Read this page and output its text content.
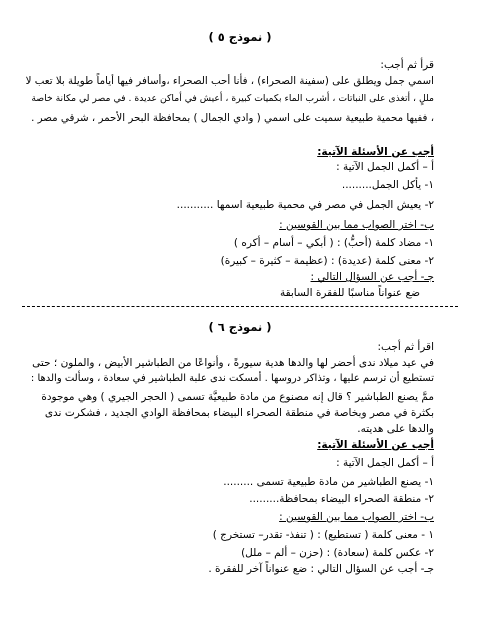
( نموذج ٥ )
قرأ ثم أجب:
اسمي جمل ويطلق على (سفينة الصحراء) ، فأنا أحب الصحراء ،وأسافر فيها أياماً طويلة بلا تعب لا
مللٍ ، أتغذى على النباتات ، أشرب الماء بكميات كبيرة ، أعيش في أماكن عديدة . في مصر لي مكانة خاصة
، ففيها محمية طبيعية سميت على اسمي ( وادي الجمال ) بمحافظة البحر الأحمر ، شرقي مصر .
أجب عن الأسئلة الآتية:
أ – أكمل الجمل الآتية :
١- يأكل الجمل.........
٢- يعيش الجمل في مصر في محمية طبيعية اسمها ...........
ب- اختر الصواب مما بين القوسين :
١- مضاد كلمة (أحبُّ) : ( أبكي – أسام – أكره )
٢- معنى كلمة (عديدة) : (عظيمة – كثيرة – كبيرة)
جـ- أجب عن السؤال التالي :
ضع عنواناً مناسبًا للفقرة السابقة
( نموذج ٦ )
اقرأ ثم أجب:
في عيد ميلاد ندى أحضر لها والدها هدية سيورةً ، وأنواعًا من الطباشير الأبيض ، والملون ؛ حتى
تستطيع أن ترسم عليها ، وتذاكر دروسها . أمسكت ندى علبة الطباشير في سعادة ، وسألت والدها :
ممَّ يصنع الطباشير ؟ قال إنه مصنوع من مادة طبيعيَّة تسمى ( الحجر الجيري ) وهي موجودة
بكثرة في مصر وبخاصة في منطقة الصحراء البيضاء بمحافظة الوادي الجديد ، فشكرت ندى
والدها على هديته.
أجب عن الأسئلة الآتية:
أ – أكمل الجمل الآتية :
١- يصنع الطباشير من مادة طبيعية تسمى .........
٢- منطقة الصحراء البيضاء بمحافظة.........
ب- اختر الصواب مما بين القوسين :
١ - معنى كلمة ( تستطيع) : ( تنفذ- تقدر– تستخرج )
٢- عكس كلمة (سعادة) : (حزن – ألم – ملل)
جـ- أجب عن السؤال التالي : ضع عنواناً آخر للفقرة .
